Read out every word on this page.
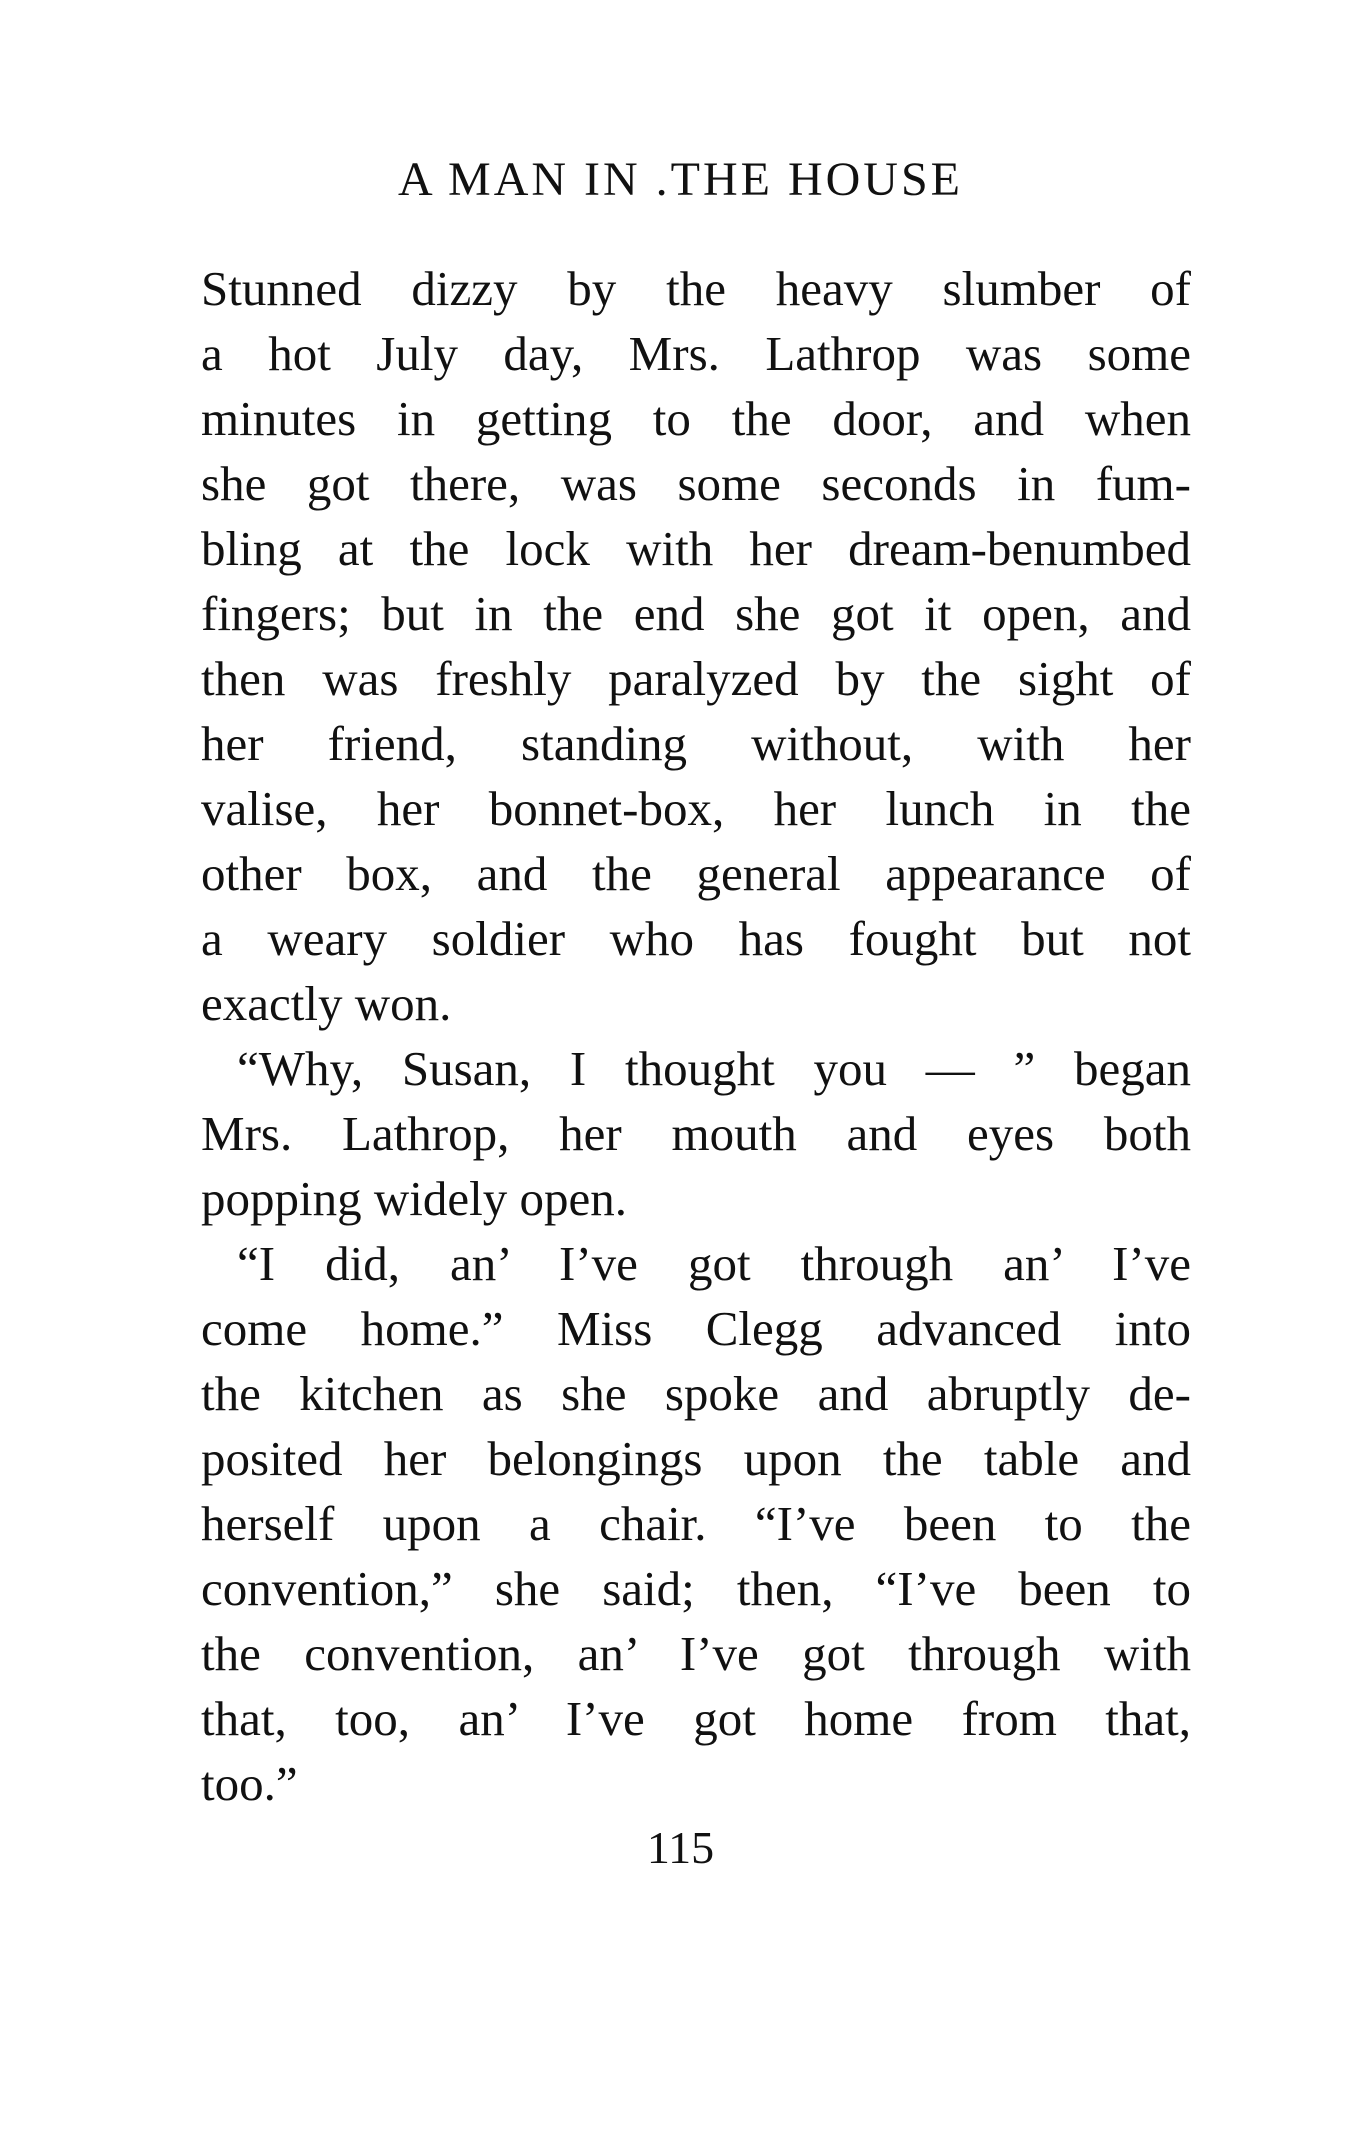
A MAN IN .THE HOUSE
Stunned dizzy by the heavy slumber of
a hot July day, Mrs. Lathrop was some
minutes in getting to the door, and when
she got there, was some seconds in fum-
bling at the lock with her dream-benumbed
fingers; but in the end she got it open, and
then was freshly paralyzed by the sight of
her friend, standing without, with her
valise, her bonnet-box, her lunch in the
other box, and the general appearance of
a weary soldier who has fought but not
exactly won.
“Why, Susan, I thought you — ” began
Mrs. Lathrop, her mouth and eyes both
popping widely open.
“I did, an’ I’ve got through an’ I’ve
come home.” Miss Clegg advanced into
the kitchen as she spoke and abruptly de-
posited her belongings upon the table and
herself upon a chair. “I’ve been to the
convention,” she said; then, “I’ve been to
the convention, an’ I’ve got through with
that, too, an’ I’ve got home from that,
too.”
115
